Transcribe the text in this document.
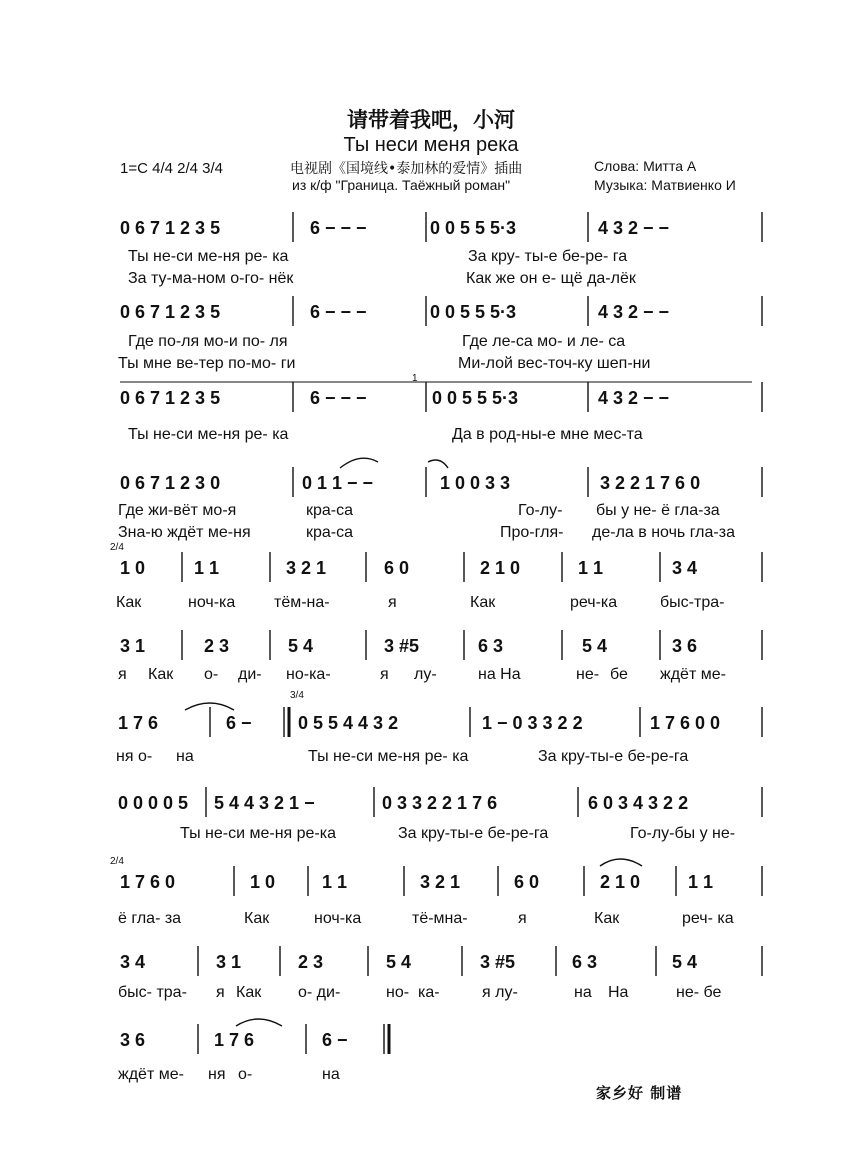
请带着我吧，小河
Ты неси меня река
1=C 4/4 2/4 3/4	电视剧《国境线•泰加林的爱情》插曲
из к/ф "Граница. Таёжный роман"
Слова: Митта А
Музыка: Матвиенко И
0 6 7 1 2 3 5	6 − − −	0 0 5 5 5·3	4 3 2 − −
Ты не-си ме-ня ре- ка	За кру- ты-е бе-ре- га
За ту-ма-ном о-го- нёк	Как же он е- щё да-лёк
0 6 7 1 2 3 5	6 − − −	0 0 5 5 5·3	4 3 2 − −
Где по-ля мо-и по- ля	Где ле-са мо- и ле- са
Ты мне ве-тер по-мо- ги	Ми-лой вес-точ-ку шеп-ни
1
0 6 7 1 2 3 5	6 − − −	0 0 5 5 5·3	4 3 2 − −
Ты не-си ме-ня ре- ка	Да в род-ны-е мне мес-та
0 6 7 1 2 3 0	0 1 1 − −	1 0 0 3 3	3 2 2 1 7 6 0
Где жи-вёт мо-я	кра-са	Го-лу- бы у не- ё гла-за
Зна-ю ждёт ме-ня	кра-са	Про-гля- де-ла в ночь гла-за
2/4
1 0	1 1	3 2 1	6 0	2 1 0	1 1	3 4
Как	ноч-ка тём-на-	я	Как	реч-ка	быс-тра-
3 1	2 3	5 4	3 #5	6 3	5 4	3 6
я Как о- ди- но-ка-	я лу-	на На	не- бе ждёт ме-
3/4
1 7 6	6 −	0 5 5 4 4 3 2	1 − 0 3 3 2 2	1 7 6 0 0
ня о- на	Ты не-си ме-ня ре- ка	За кру-ты-е бе-ре-га
0 0 0 0 5 5 4 4 3 2 1 −	0 3 3 2 2 1 7 6	6 0 3 4 3 2 2
Ты не-си ме-ня ре-ка	За кру-ты-е бе-ре-га	Го-лу-бы у не-
2/4
1 7 6 0	1 0	1 1	3 2 1	6 0	2 1 0	1 1
ё гла- за	Как	ноч-ка	тё-мна-	я	Как	реч- ка
3 4	3 1	2 3	5 4	3 #5	6 3	5 4
быс- тра- я Как о- ди-	но- ка-	я лу-	на На	не- бе
3 6	1 7 6	6 −
ждёт ме- ня о-	на
家乡好 制谱
